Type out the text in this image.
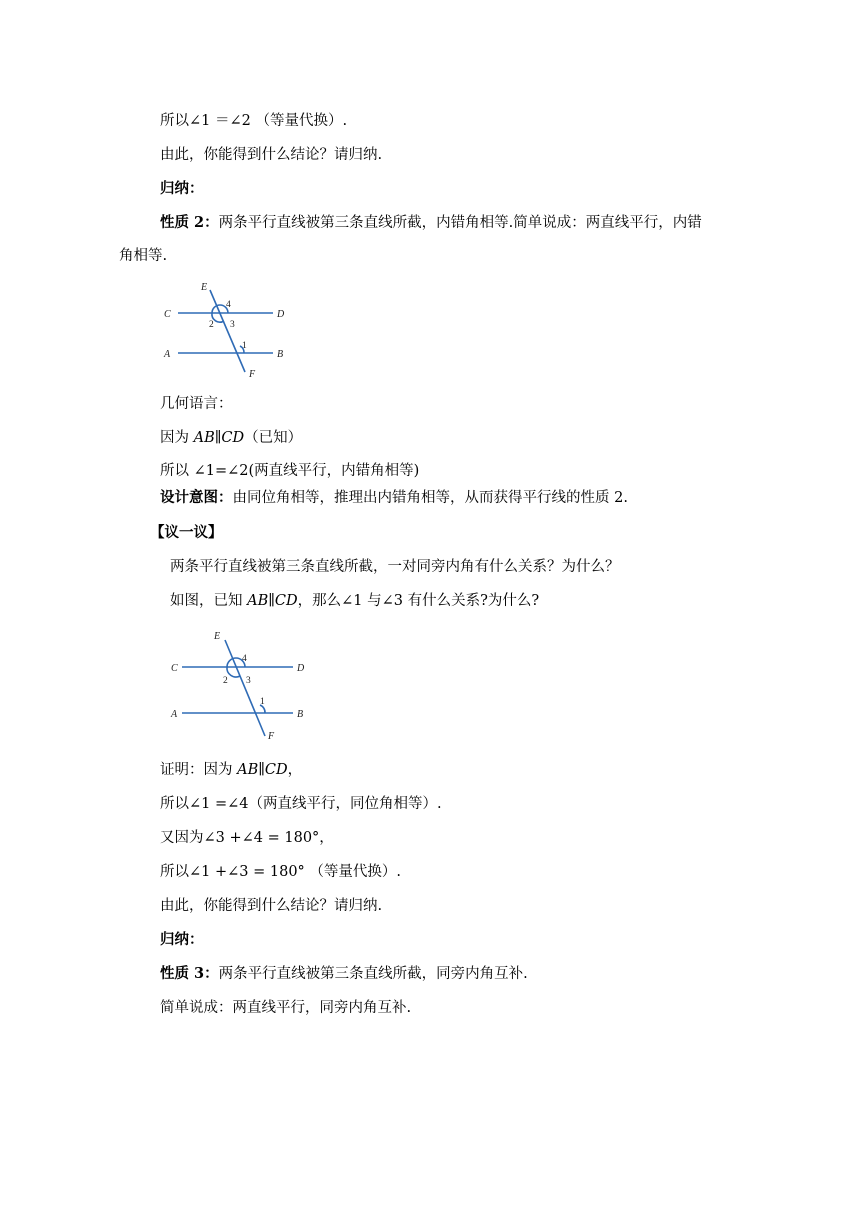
所以∠1 ＝∠2 （等量代换）.
由此，你能得到什么结论？请归纳.
归纳：
性质 2：两条平行直线被第三条直线所截，内错角相等.简单说成：两直线平行，内错
角相等.
E
C	D
A	B
F
4
2 3
1
几何语言：
因为 AB∥CD（已知）
所以 ∠1=∠2(两直线平行，内错角相等)
设计意图：由同位角相等，推理出内错角相等，从而获得平行线的性质 2.
【议一议】
两条平行直线被第三条直线所截，一对同旁内角有什么关系？为什么？
如图，已知 AB∥CD，那么∠1 与∠3 有什么关系?为什么?
E
C	D
A	B
F
4
2 3
1
证明：因为 AB∥CD，
所以∠1 =∠4（两直线平行，同位角相等）.
又因为∠3 +∠4 = 180°，
所以∠1 +∠3 = 180° （等量代换）.
由此，你能得到什么结论？请归纳.
归纳：
性质 3：两条平行直线被第三条直线所截，同旁内角互补.
简单说成：两直线平行，同旁内角互补.
